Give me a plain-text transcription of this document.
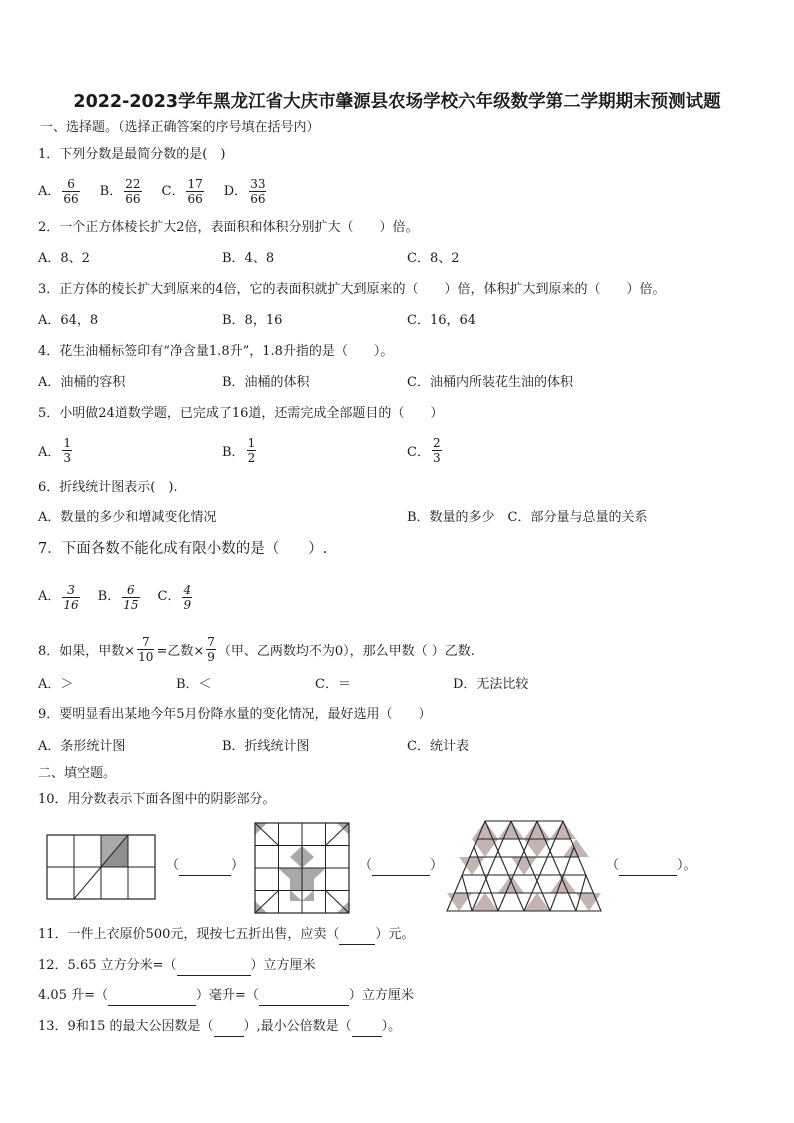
2022-2023学年黑龙江省大庆市肇源县农场学校六年级数学第二学期期末预测试题
一、选择题。（选择正确答案的序号填在括号内）
1．下列分数是最简分数的是(　)
A． $\frac{6}{66}$ B． $\frac{22}{66}$ C． $\frac{17}{66}$ D． $\frac{33}{66}$
2．一个正方体棱长扩大2倍，表面积和体积分别扩大（　　）倍。
A．8、2	B．4、8	C．8、2
3．正方体的棱长扩大到原来的4倍，它的表面积就扩大到原来的（　　）倍，体积扩大到原来的（　　）倍。
A．64，8	B．8，16	C．16，64
4．花生油桶标签印有“净含量1.8升”，1.8升指的是（　　）。
A．油桶的容积	B．油桶的体积	C．油桶内所装花生油的体积
5．小明做24道数学题，已完成了16道，还需完成全部题目的（　　）
A． $\frac{1}{3}$	B． $\frac{1}{2}$	C． $\frac{2}{3}$
6．折线统计图表示(　).
A．数量的多少和增减变化情况	B．数量的多少　C．部分量与总量的关系
7．下面各数不能化成有限小数的是（　　）.
A． $\frac{3}{16}$ B． $\frac{6}{15}$ C． $\frac{4}{9}$
8．如果，甲数× $\frac{7}{10}$ =乙数× $\frac{7}{9}$ （甲、乙两数均不为0），那么甲数（ ）乙数.
A．＞	B．＜	C．＝	D．无法比较
9．要明显看出某地今年5月份降水量的变化情况，最好选用（　　）
A．条形统计图	B．折线统计图	C．统计表
二、填空题。
10．用分数表示下面各图中的阴影部分。
（	）	（	）	（	）。
11．一件上衣原价500元，现按七五折出售，应卖（	）元。
12．5.65 立方分米=（	）立方厘米
4.05 升=（	）毫升=（	）立方厘米
13．9和15 的最大公因数是（ ）,最小公倍数是（ ）。
